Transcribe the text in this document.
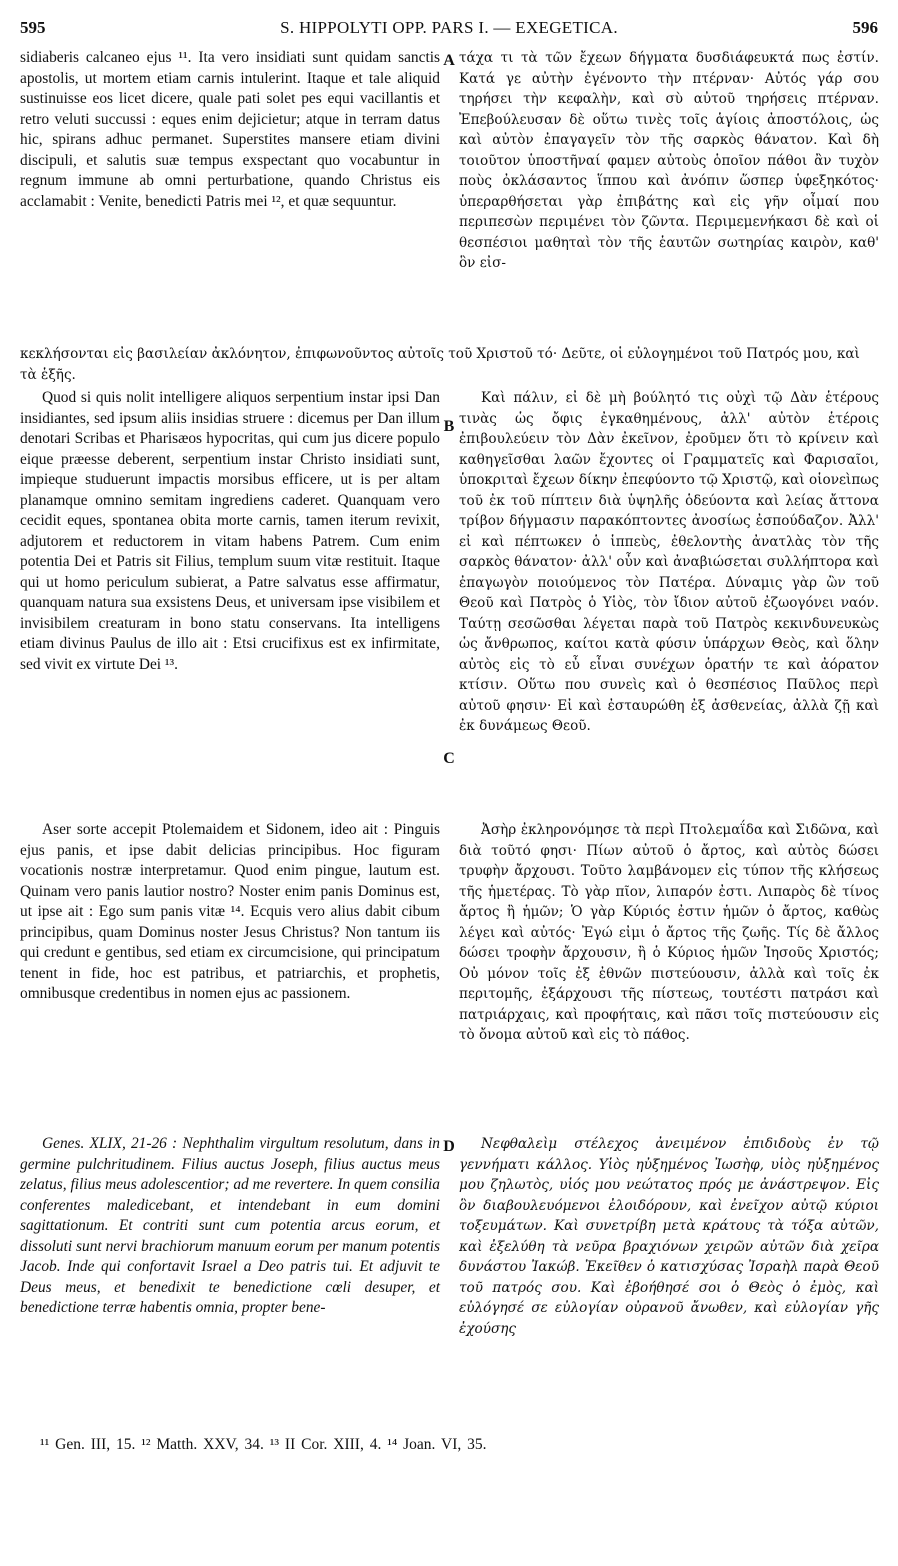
595	S. HIPPOLYTI OPP. PARS I. — EXEGETICA.	596

sidiaberis calcaneo ejus ¹¹. Ita vero insidiati sunt quidam sanctis apostolis, ut mortem etiam carnis intulerint. Itaque et tale aliquid sustinuisse eos licet dicere, quale pati solet pes equi vacillantis et retro veluti succussi : eques enim dejicietur; atque in terram datus hic, spirans adhuc permanet. Superstites mansere etiam divini discipuli, et salutis suæ tempus exspectant quo vocabuntur in regnum immune ab omni perturbatione, quando Christus eis acclamabit : Venite, benedicti Patris mei ¹², et quæ sequuntur.

κεκλήσονται εἰς βασιλείαν ἀκλόνητον, ἐπιφωνοῦντος αὐτοῖς τοῦ Χριστοῦ τό· Δεῦτε, οἱ εὐλογημένοι τοῦ Πατρός μου, καὶ τὰ ἑξῆς.

Quod si quis nolit intelligere aliquos serpentium instar ipsi Dan insidiantes, sed ipsum aliis insidias struere : dicemus per Dan illum denotari Scribas et Pharisæos hypocritas, qui cum jus dicere populo eique præesse deberent, serpentium instar Christo insidiati sunt, impieque studuerunt impactis morsibus efficere, ut is per altam planamque omnino semitam ingrediens caderet. Quanquam vero cecidit eques, spontanea obita morte carnis, tamen iterum revixit, adjutorem et reductorem in vitam habens Patrem. Cum enim potentia Dei et Patris sit Filius, templum suum vitæ restituit. Itaque qui ut homo periculum subierat, a Patre salvatus esse affirmatur, quanquam natura sua exsistens Deus, et universam ipse visibilem et invisibilem creaturam in bono statu conservans. Ita intelligens etiam divinus Paulus de illo ait : Etsi crucifixus est ex infirmitate, sed vivit ex virtute Dei ¹³.

Aser sorte accepit Ptolemaidem et Sidonem, ideo ait : Pinguis ejus panis, et ipse dabit delicias principibus. Hoc figuram vocationis nostræ interpretamur. Quod enim pingue, lautum est. Quinam vero panis lautior nostro? Noster enim panis Dominus est, ut ipse ait : Ego sum panis vitæ ¹⁴. Ecquis vero alius dabit cibum principibus, quam Dominus noster Jesus Christus? Non tantum iis qui credunt e gentibus, sed etiam ex circumcisione, qui principatum tenent in fide, hoc est patribus, et patriarchis, et prophetis, omnibusque credentibus in nomen ejus ac passionem.

Genes. XLIX, 21-26 : Nephthalim virgultum resolutum, dans in germine pulchritudinem. Filius auctus Joseph, filius auctus meus zelatus, filius meus adolescentior; ad me revertere. In quem consilia conferentes maledicebant, et intendebant in eum domini sagittationum. Et contriti sunt cum potentia arcus eorum, et dissoluti sunt nervi brachiorum manuum eorum per manum potentis Jacob. Inde qui confortavit Israel a Deo patris tui. Et adjuvit te Deus meus, et benedixit te benedictione cœli desuper, et benedictione terræ habentis omnia, propter bene-

τάχα τι τὰ τῶν ἔχεων δήγματα δυσδιάφευκτά πως ἐστίν. Κατά γε αὐτὴν ἐγένοντο τὴν πτέρναν· Αὐτός γάρ σου τηρήσει τὴν κεφαλὴν, καὶ σὺ αὐτοῦ τηρήσεις πτέρναν. Ἐπεβούλευσαν δὲ οὕτω τινὲς τοῖς ἁγίοις ἀποστόλοις, ὡς καὶ αὐτὸν ἐπαγαγεῖν τὸν τῆς σαρκὸς θάνατον. Καὶ δὴ τοιοῦτον ὑποστῆναί φαμεν αὐτοὺς ὁποῖον πάθοι ἂν τυχὸν ποὺς ὀκλάσαντος ἵππου καὶ ἀνόπιν ὥσπερ ὑφεξηκότος· ὑπεραρθήσεται γὰρ ἐπιβάτης καὶ εἰς γῆν οἶμαί που περιπεσὼν περιμένει τὸν ζῶντα. Περιμεμενήκασι δὲ καὶ οἱ θεσπέσιοι μαθηταὶ τὸν τῆς ἑαυτῶν σωτηρίας καιρὸν, καθ' ὃν εἰσ-

Καὶ πάλιν, εἰ δὲ μὴ βούλητό τις οὐχὶ τῷ Δὰν ἑτέρους τινὰς ὡς ὄφις ἐγκαθημένους, ἀλλ' αὐτὸν ἑτέροις ἐπιβουλεύειν τὸν Δὰν ἐκεῖνον, ἐροῦμεν ὅτι τὸ κρίνειν καὶ καθηγεῖσθαι λαῶν ἔχοντες οἱ Γραμματεῖς καὶ Φαρισαῖοι, ὑποκριταὶ ἔχεων δίκην ἐπεφύοντο τῷ Χριστῷ, καὶ οἱονεὶπως τοῦ ἐκ τοῦ πίπτειν διὰ ὑψηλῆς ὁδεύοντα καὶ λείας ἄττονα τρίβον δήγμασιν παρακόπτοντες ἀνοσίως ἐσπούδαζον. Ἀλλ' εἰ καὶ πέπτωκεν ὁ ἱππεὺς, ἐθελοντὴς ἀνατλὰς τὸν τῆς σαρκὸς θάνατον· ἀλλ' οὖν καὶ ἀναβιώσεται συλλήπτορα καὶ ἐπαγωγὸν ποιούμενος τὸν Πατέρα. Δύναμις γὰρ ὢν τοῦ Θεοῦ καὶ Πατρὸς ὁ Υἱὸς, τὸν ἴδιον αὐτοῦ ἐζωογόνει ναόν. Ταύτῃ σεσῶσθαι λέγεται παρὰ τοῦ Πατρὸς κεκινδυνευκὼς ὡς ἄνθρωπος, καίτοι κατὰ φύσιν ὑπάρχων Θεὸς, καὶ ὅλην αὐτὸς εἰς τὸ εὖ εἶναι συνέχων ὁρατήν τε καὶ ἀόρατον κτίσιν. Οὕτω που συνεὶς καὶ ὁ θεσπέσιος Παῦλος περὶ αὐτοῦ φησιν· Εἰ καὶ ἐσταυρώθη ἐξ ἀσθενείας, ἀλλὰ ζῇ καὶ ἐκ δυνάμεως Θεοῦ.

Ἀσὴρ ἐκληρονόμησε τὰ περὶ Πτολεμαΐδα καὶ Σιδῶνα, καὶ διὰ τοῦτό φησι· Πίων αὐτοῦ ὁ ἄρτος, καὶ αὐτὸς δώσει τρυφὴν ἄρχουσι. Τοῦτο λαμβάνομεν εἰς τύπον τῆς κλήσεως τῆς ἡμετέρας. Τὸ γὰρ πῖον, λιπαρόν ἐστι. Λιπαρὸς δὲ τίνος ἄρτος ἢ ἡμῶν; Ὁ γὰρ Κύριός ἐστιν ἡμῶν ὁ ἄρτος, καθὼς λέγει καὶ αὐτός· Ἐγώ εἰμι ὁ ἄρτος τῆς ζωῆς. Τίς δὲ ἄλλος δώσει τροφὴν ἄρχουσιν, ἢ ὁ Κύριος ἡμῶν Ἰησοῦς Χριστός; Οὐ μόνον τοῖς ἐξ ἐθνῶν πιστεύουσιν, ἀλλὰ καὶ τοῖς ἐκ περιτομῆς, ἐξάρχουσι τῆς πίστεως, τουτέστι πατράσι καὶ πατριάρχαις, καὶ προφήταις, καὶ πᾶσι τοῖς πιστεύουσιν εἰς τὸ ὄνομα αὐτοῦ καὶ εἰς τὸ πάθος.

Νεφθαλεὶμ στέλεχος ἀνειμένον ἐπιδιδοὺς ἐν τῷ γεννήματι κάλλος. Υἱὸς ηὐξημένος Ἰωσὴφ, υἱὸς ηὐξημένος μου ζηλωτὸς, υἱός μου νεώτατος πρός με ἀνάστρεψον. Εἰς ὃν διαβουλευόμενοι ἐλοιδόρουν, καὶ ἐνεῖχον αὐτῷ κύριοι τοξευμάτων. Καὶ συνετρίβη μετὰ κράτους τὰ τόξα αὐτῶν, καὶ ἐξελύθη τὰ νεῦρα βραχιόνων χειρῶν αὐτῶν διὰ χεῖρα δυνάστου Ἰακώβ. Ἐκεῖθεν ὁ κατισχύσας Ἰσραὴλ παρὰ Θεοῦ τοῦ πατρός σου. Καὶ ἐβοήθησέ σοι ὁ Θεὸς ὁ ἐμὸς, καὶ εὐλόγησέ σε εὐλογίαν οὐρανοῦ ἄνωθεν, καὶ εὐλογίαν γῆς ἐχούσης

A
B
C
D
¹¹ Gen. III, 15. ¹² Matth. XXV, 34. ¹³ II Cor. XIII, 4. ¹⁴ Joan. VI, 35.
